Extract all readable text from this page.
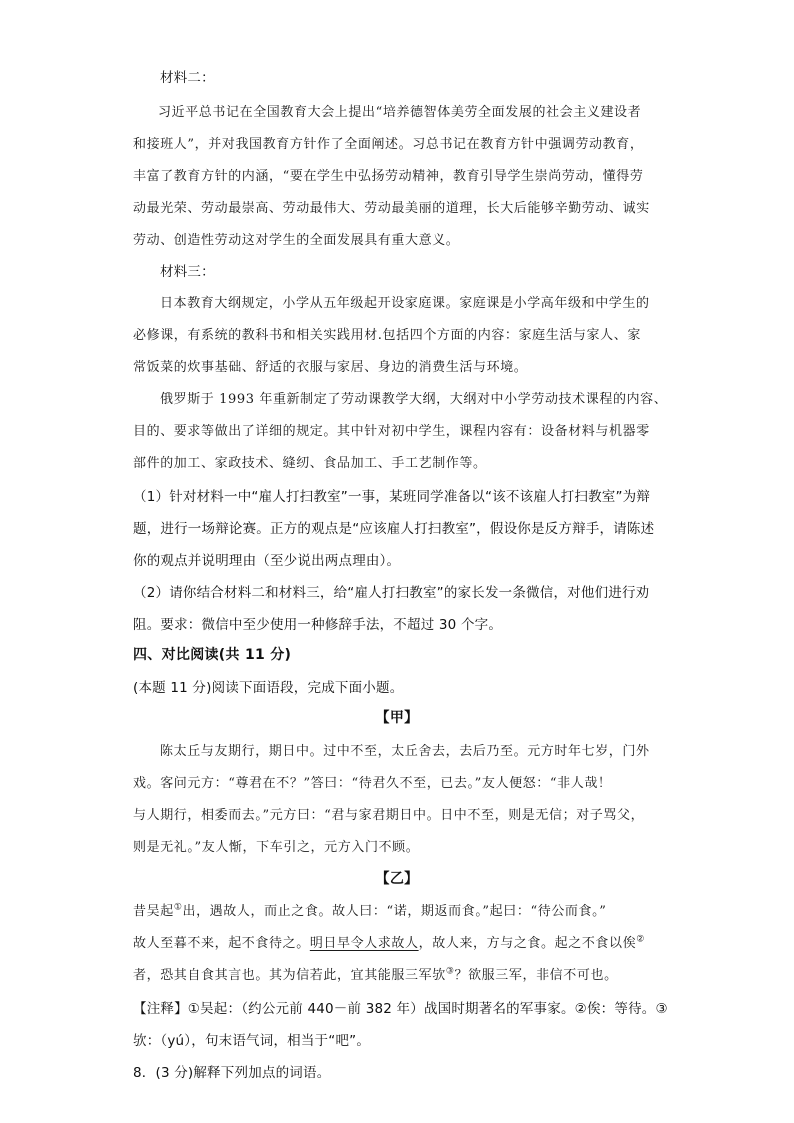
材料二：
习近平总书记在全国教育大会上提出“培养德智体美劳全面发展的社会主义建设者
和接班人”，并对我国教育方针作了全面阐述。习总书记在教育方针中强调劳动教育，
丰富了教育方针的内涵，“要在学生中弘扬劳动精神，教育引导学生崇尚劳动，懂得劳
动最光荣、劳动最崇高、劳动最伟大、劳动最美丽的道理，长大后能够辛勤劳动、诚实
劳动、创造性劳动这对学生的全面发展具有重大意义。
材料三：
日本教育大纲规定，小学从五年级起开设家庭课。家庭课是小学高年级和中学生的
必修课，有系统的教科书和相关实践用材.包括四个方面的内容：家庭生活与家人、家
常饭菜的炊事基础、舒适的衣服与家居、身边的消费生活与环境。
俄罗斯于 1993 年重新制定了劳动课教学大纲，大纲对中小学劳动技术课程的内容、
目的、要求等做出了详细的规定。其中针对初中学生，课程内容有：设备材料与机器零
部件的加工、家政技术、缝纫、食品加工、手工艺制作等。
（1）针对材料一中“雇人打扫教室”一事，某班同学准备以“该不该雇人打扫教室”为辩
题，进行一场辩论赛。正方的观点是“应该雇人打扫教室”，假设你是反方辩手，请陈述
你的观点并说明理由（至少说出两点理由）。
（2）请你结合材料二和材料三，给“雇人打扫教室”的家长发一条微信，对他们进行劝
阻。要求：微信中至少使用一种修辞手法，不超过 30 个字。
四、对比阅读(共 11 分)
(本题 11 分)阅读下面语段，完成下面小题。
【甲】
陈太丘与友期行，期日中。过中不至，太丘舍去，去后乃至。元方时年七岁，门外
戏。客问元方：“尊君在不？”答曰：“待君久不至，已去。”友人便怒：“非人哉！
与人期行，相委而去。”元方曰：“君与家君期日中。日中不至，则是无信；对子骂父，
则是无礼。”友人惭，下车引之，元方入门不顾。
【乙】
昔吴起①出，遇故人，而止之食。故人曰：“诺，期返而食。”起曰：“待公而食。”
故人至暮不来，起不食待之。明日早令人求故人，故人来，方与之食。起之不食以俟②
者，恐其自食其言也。其为信若此，宜其能服三军欤③？欲服三军，非信不可也。
【注释】①吴起：（约公元前 440－前 382 年）战国时期著名的军事家。②俟：等待。③
欤：（yú），句末语气词，相当于“吧”。
8．(3 分)解释下列加点的词语。
